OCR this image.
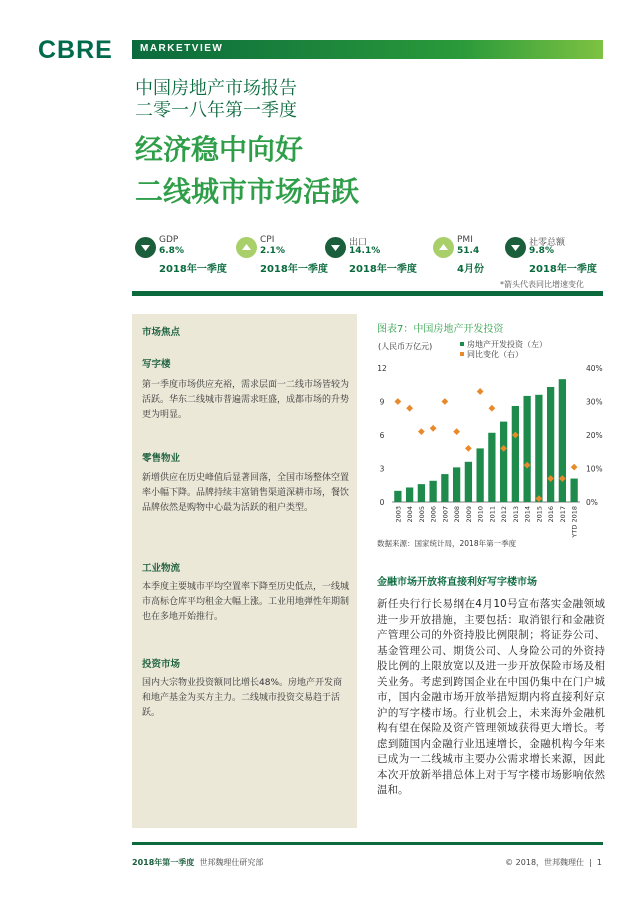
CBRE	MARKETVIEW
中国房地产市场报告
二零一八年第一季度
经济稳中向好
二线城市市场活跃
GDP
6.8%
2018年一季度
CPI
2.1%
2018年一季度
出口
14.1%
2018年一季度
PMI
51.4
4月份
社零总额
9.8%
2018年一季度
*箭头代表同比增速变化
市场焦点
写字楼
第一季度市场供应充裕，需求层面一二线市场皆较为活跃。华东二线城市普遍需求旺盛，成都市场的升势更为明显。
零售物业
新增供应在历史峰值后显著回落，全国市场整体空置率小幅下降。品牌持续丰富销售渠道深耕市场，餐饮品牌依然是购物中心最为活跃的租户类型。
工业物流
本季度主要城市平均空置率下降至历史低点，一线城市高标仓库平均租金大幅上涨。工业用地弹性年期制也在多地开始推行。
投资市场
国内大宗物业投资额同比增长48%。房地产开发商和地产基金为买方主力。二线城市投资交易趋于活跃。
图表7：中国房地产开发投资
(人民币万亿元)	房地产开发投资（左）
同比变化（右）
0
3
6
9
12
0%
10%
20%
30%
40%
2003 2004 2005 2006 2007 2008 2009 2010 2011 2012 2013 2014 2015 2016 2017 YTD 2018
数据来源：国家统计局，2018年第一季度
金融市场开放将直接利好写字楼市场
新任央行行长易纲在4月10号宣布落实金融领域进一步开放措施，主要包括：取消银行和金融资产管理公司的外资持股比例限制；将证券公司、基金管理公司、期货公司、人身险公司的外资持股比例的上限放宽以及进一步开放保险市场及相关业务。考虑到跨国企业在中国仍集中在门户城市，国内金融市场开放举措短期内将直接利好京沪的写字楼市场。行业机会上，未来海外金融机构有望在保险及资产管理领域获得更大增长。考虑到随国内金融行业迅速增长，金融机构今年来已成为一二线城市主要办公需求增长来源，因此本次开放新举措总体上对于写字楼市场影响依然温和。
2018年第一季度 世邦魏理仕研究部	© 2018，世邦魏理仕  |  1
